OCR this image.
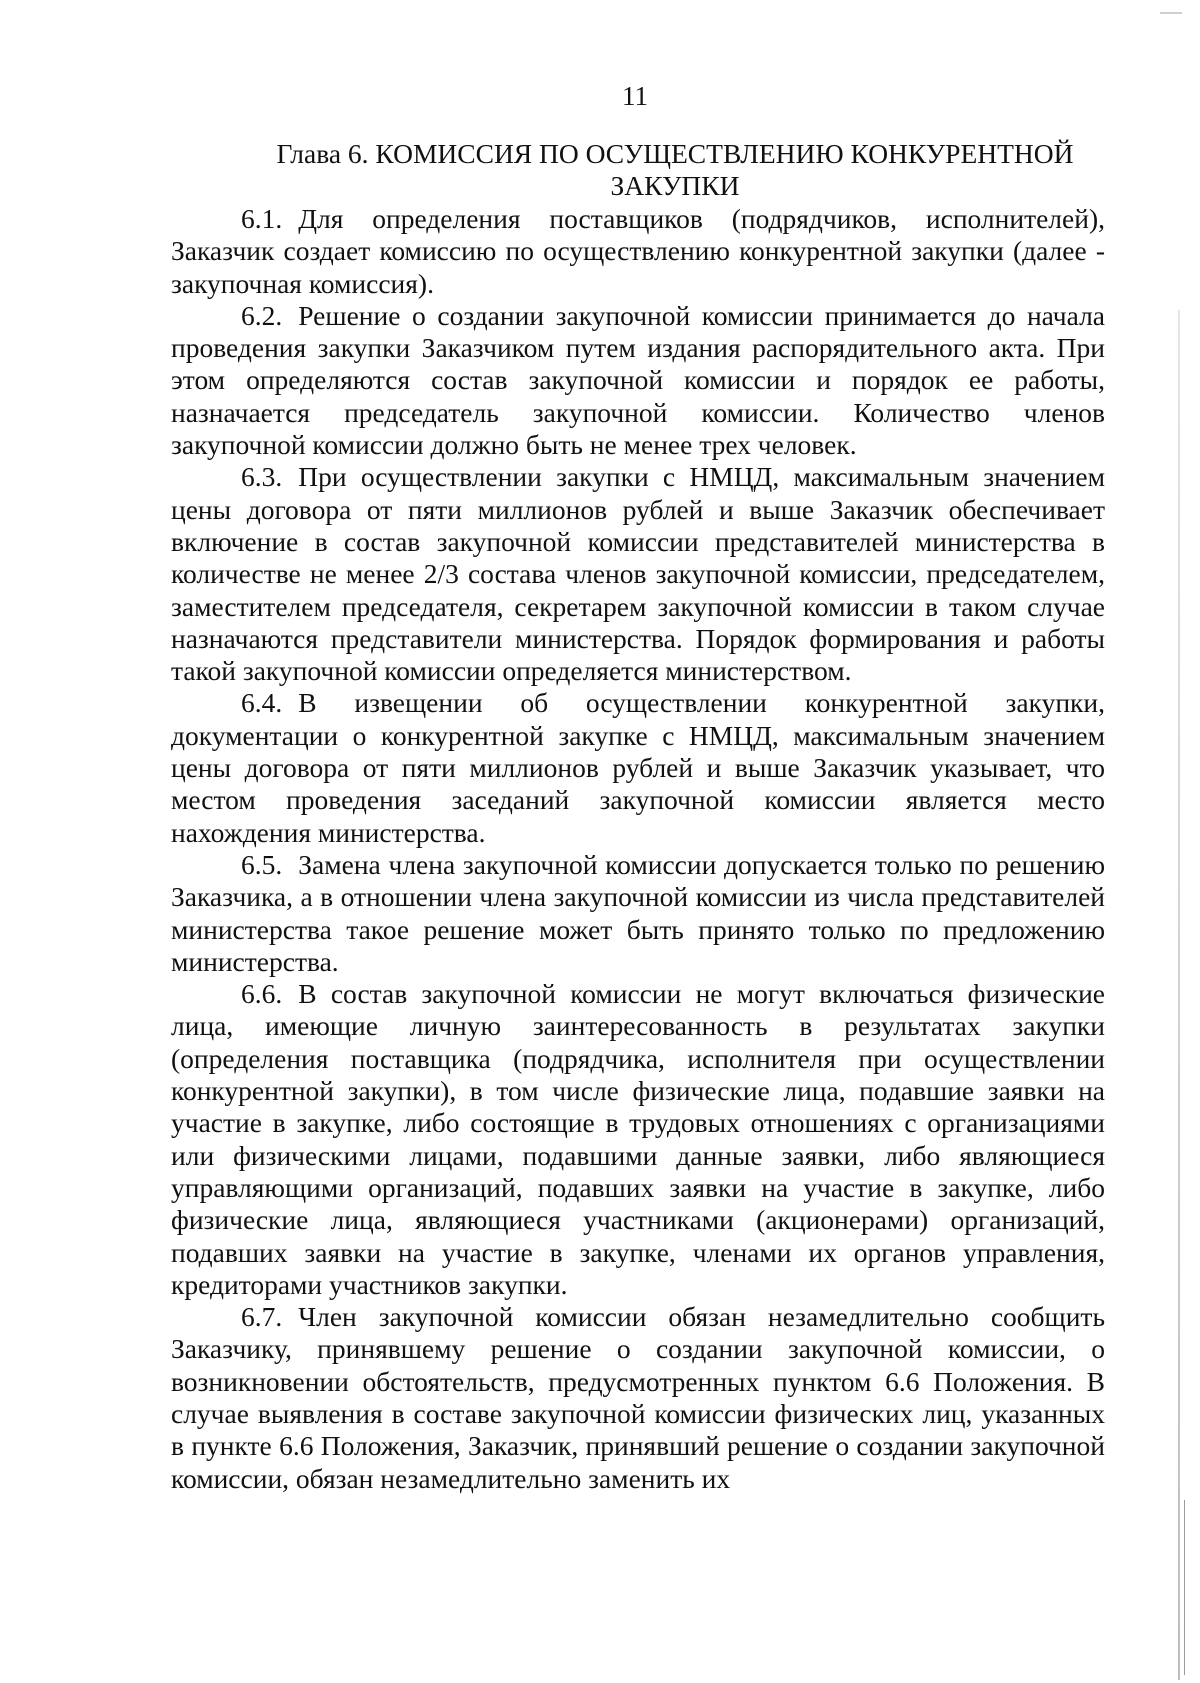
11
Глава 6. КОМИССИЯ ПО ОСУЩЕСТВЛЕНИЮ КОНКУРЕНТНОЙ
ЗАКУПКИ

6.1. Для определения поставщиков (подрядчиков, исполнителей), Заказчик создает комиссию по осуществлению конкурентной закупки (далее - закупочная комиссия).

6.2. Решение о создании закупочной комиссии принимается до начала проведения закупки Заказчиком путем издания распорядительного акта. При этом определяются состав закупочной комиссии и порядок ее работы, назначается председатель закупочной комиссии. Количество членов закупочной комиссии должно быть не менее трех человек.

6.3. При осуществлении закупки с НМЦД, максимальным значением цены договора от пяти миллионов рублей и выше Заказчик обеспечивает включение в состав закупочной комиссии представителей министерства в количестве не менее 2/3 состава членов закупочной комиссии, председателем, заместителем председателя, секретарем закупочной комиссии в таком случае назначаются представители министерства. Порядок формирования и работы такой закупочной комиссии определяется министерством.

6.4. В извещении об осуществлении конкурентной закупки, документации о конкурентной закупке с НМЦД, максимальным значением цены договора от пяти миллионов рублей и выше Заказчик указывает, что местом проведения заседаний закупочной комиссии является место нахождения министерства.

6.5. Замена члена закупочной комиссии допускается только по решению Заказчика, а в отношении члена закупочной комиссии из числа представителей министерства такое решение может быть принято только по предложению министерства.

6.6. В состав закупочной комиссии не могут включаться физические лица, имеющие личную заинтересованность в результатах закупки (определения поставщика (подрядчика, исполнителя при осуществлении конкурентной закупки), в том числе физические лица, подавшие заявки на участие в закупке, либо состоящие в трудовых отношениях с организациями или физическими лицами, подавшими данные заявки, либо являющиеся управляющими организаций, подавших заявки на участие в закупке, либо физические лица, являющиеся участниками (акционерами) организаций, подавших заявки на участие в закупке, членами их органов управления, кредиторами участников закупки.

6.7. Член закупочной комиссии обязан незамедлительно сообщить Заказчику, принявшему решение о создании закупочной комиссии, о возникновении обстоятельств, предусмотренных пунктом 6.6 Положения. В случае выявления в составе закупочной комиссии физических лиц, указанных в пункте 6.6 Положения, Заказчик, принявший решение о создании закупочной комиссии, обязан незамедлительно заменить их
